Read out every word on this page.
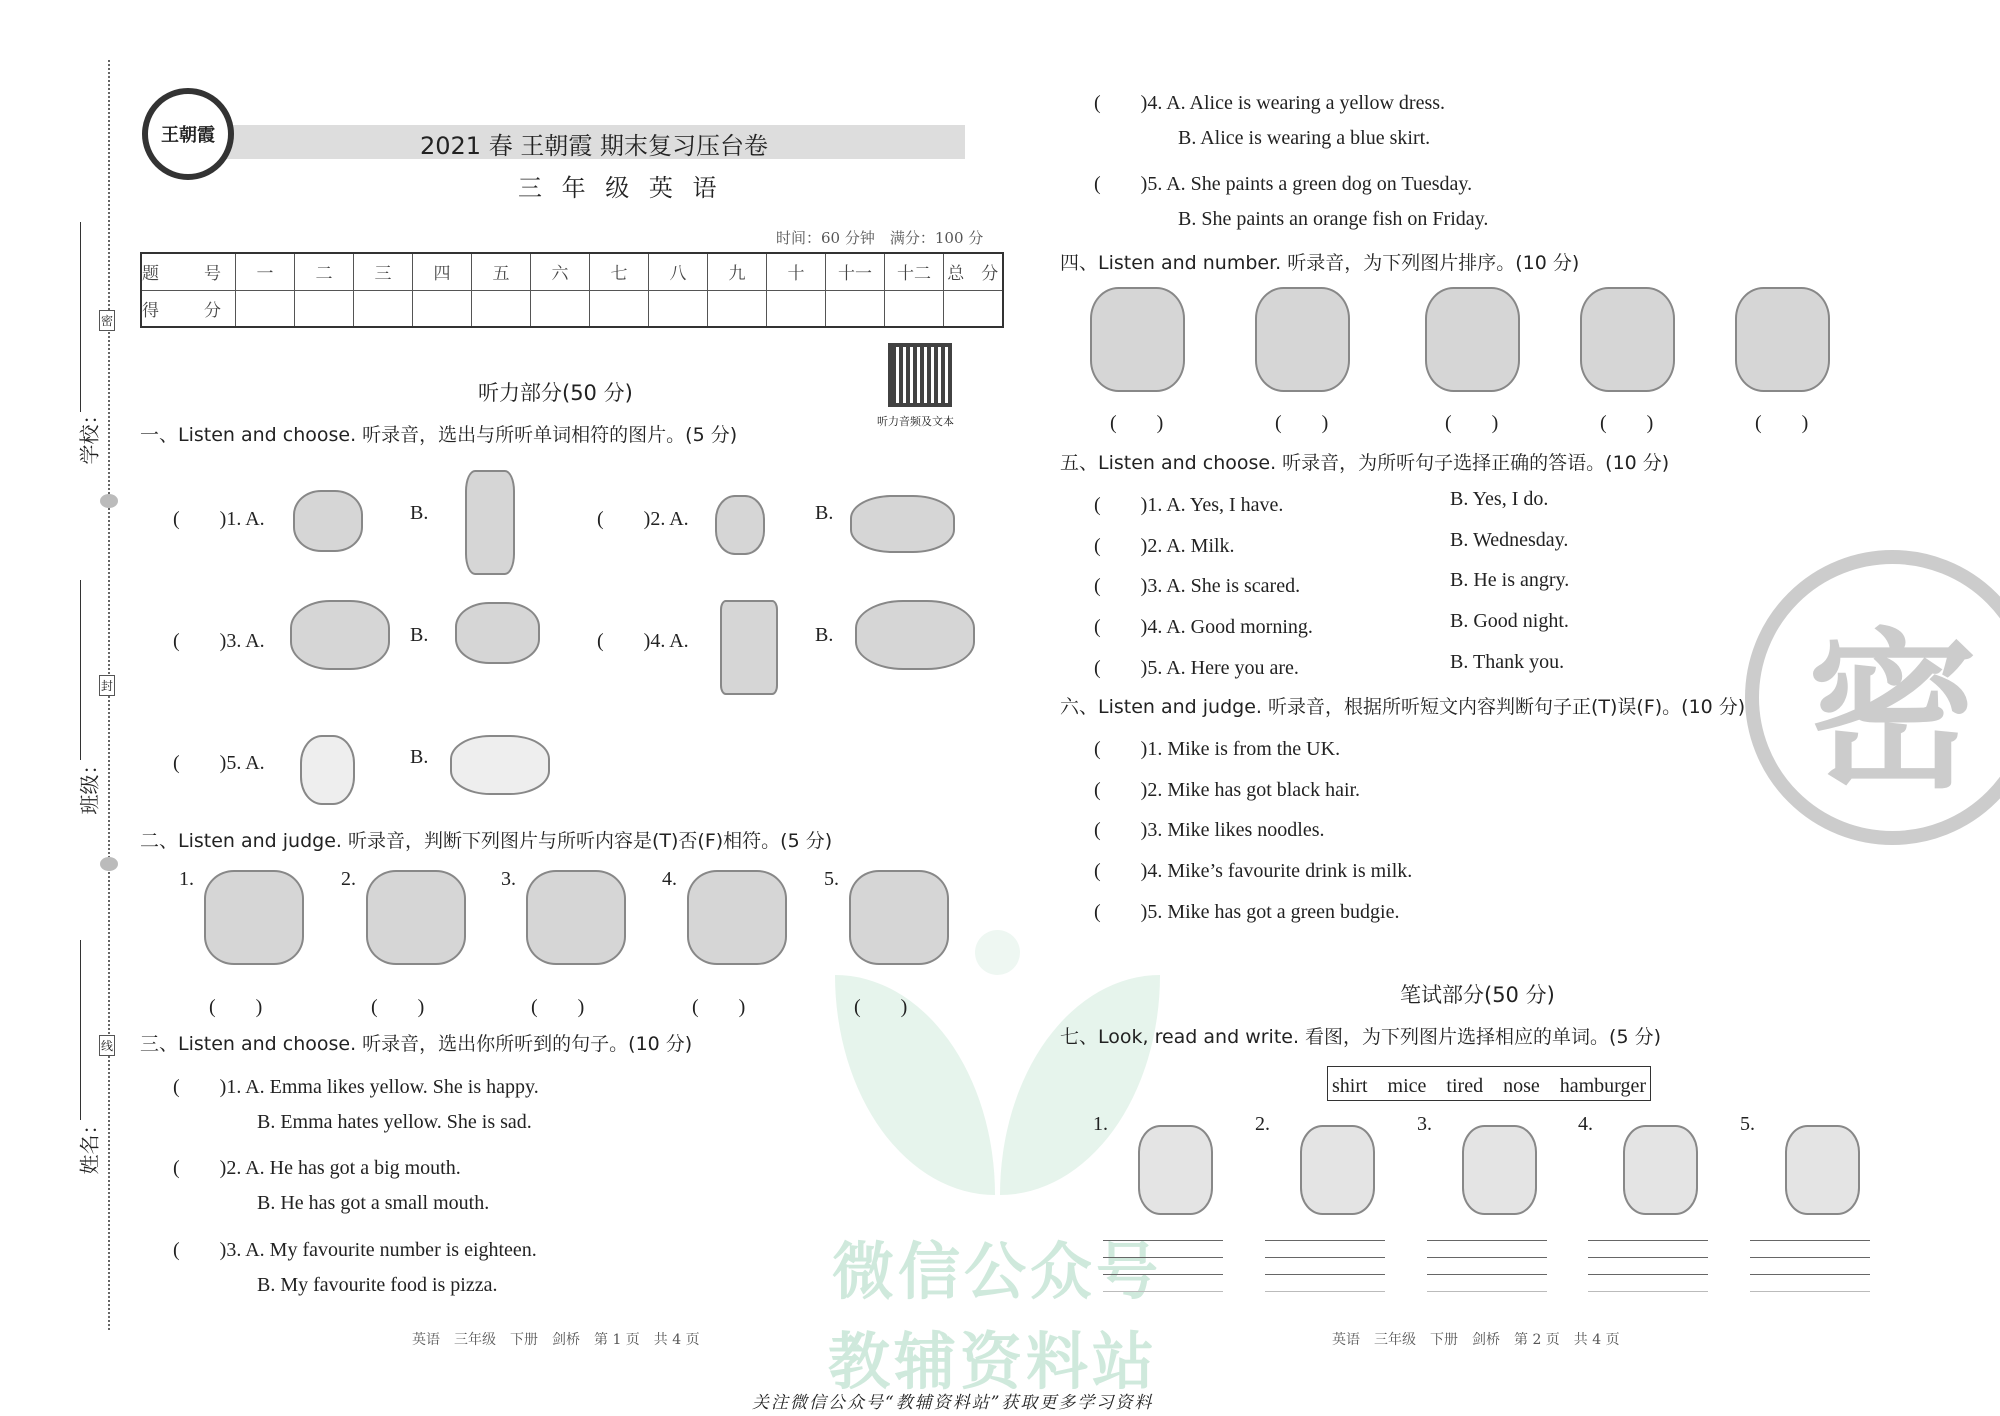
微信公众号
教辅资料站
学校：
班级：
姓名：
密
封
线
王朝霞	2021 春 王朝霞 期末复习压台卷
三 年 级 英 语
时间：60 分钟　满分：100 分
题　号	一	二	三	四	五	六	七	八	九	十	十一	十二	总　分
得　分													
听力音频及文本
听力部分(50 分)
一、Listen and choose. 听录音，选出与所听单词相符的图片。(5 分)
(　　)1. A.	B.	(　　)2. A.	B.
(　　)3. A.	B.	(　　)4. A.	B.
(　　)5. A.	B.
二、Listen and judge. 听录音，判断下列图片与所听内容是(T)否(F)相符。(5 分)
1.
(　　)
2.
(　　)
3.
(　　)
4.
(　　)
5.
(　　)
三、Listen and choose. 听录音，选出你所听到的句子。(10 分)
(　　)1. A. Emma likes yellow. She is happy.
B. Emma hates yellow. She is sad.
(　　)2. A. He has got a big mouth.
B. He has got a small mouth.
(　　)3. A. My favourite number is eighteen.
B. My favourite food is pizza.
(　　)4. A. Alice is wearing a yellow dress.
B. Alice is wearing a blue skirt.
(　　)5. A. She paints a green dog on Tuesday.
B. She paints an orange fish on Friday.
英语　三年级　下册　剑桥　第 1 页　共 4 页	英语　三年级　下册　剑桥　第 2 页　共 4 页
四、Listen and number. 听录音，为下列图片排序。(10 分)
(　　)	(　　)	(　　)	(　　)	(　　)
五、Listen and choose. 听录音，为所听句子选择正确的答语。(10 分)
(　　)1. A. Yes, I have.	B. Yes, I do.
(　　)2. A. Milk.	B. Wednesday.
(　　)3. A. She is scared.	B. He is angry.
(　　)4. A. Good morning.	B. Good night.
(　　)5. A. Here you are.	B. Thank you.
六、Listen and judge. 听录音，根据所听短文内容判断句子正(T)误(F)。(10 分)
(　　)1. Mike is from the UK.
(　　)2. Mike has got black hair.
(　　)3. Mike likes noodles.
(　　)4. Mike’s favourite drink is milk.
(　　)5. Mike has got a green budgie.
笔试部分(50 分)
七、Look, read and write. 看图，为下列图片选择相应的单词。(5 分)
shirt　mice　tired　nose　hamburger
1.	2.	3.	4.	5.
密
关注微信公众号“教辅资料站”获取更多学习资料
